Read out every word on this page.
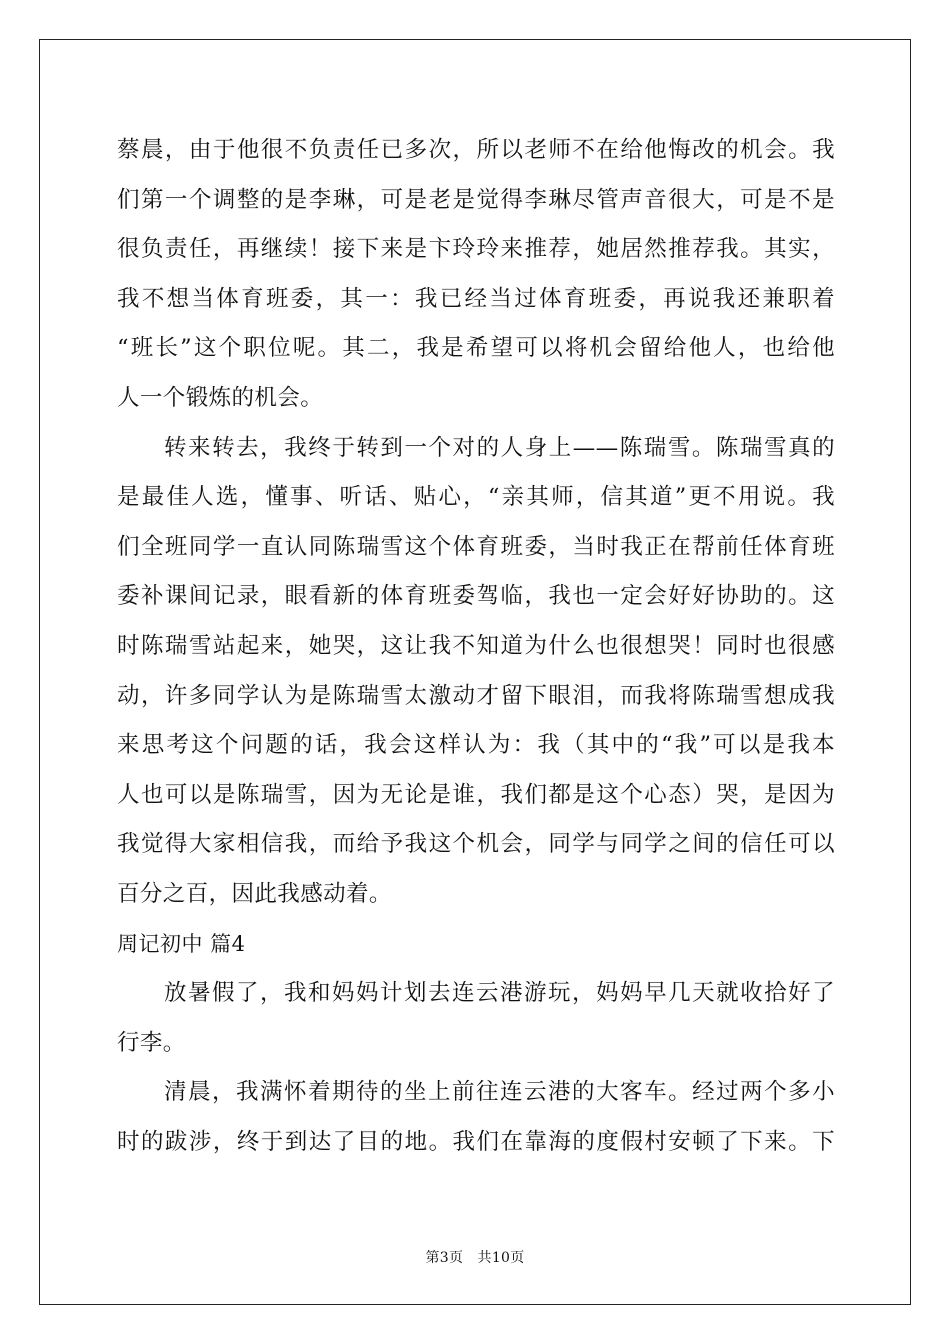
蔡晨，由于他很不负责任已多次，所以老师不在给他悔改的机会。我
们第一个调整的是李琳，可是老是觉得李琳尽管声音很大，可是不是
很负责任，再继续！接下来是卞玲玲来推荐，她居然推荐我。其实，
我不想当体育班委，其一：我已经当过体育班委，再说我还兼职着
“班长”这个职位呢。其二，我是希望可以将机会留给他人，也给他
人一个锻炼的机会。
转来转去，我终于转到一个对的人身上——陈瑞雪。陈瑞雪真的
是最佳人选，懂事、听话、贴心，“亲其师，信其道”更不用说。我
们全班同学一直认同陈瑞雪这个体育班委，当时我正在帮前任体育班
委补课间记录，眼看新的体育班委驾临，我也一定会好好协助的。这
时陈瑞雪站起来，她哭，这让我不知道为什么也很想哭！同时也很感
动，许多同学认为是陈瑞雪太激动才留下眼泪，而我将陈瑞雪想成我
来思考这个问题的话，我会这样认为：我（其中的“我”可以是我本
人也可以是陈瑞雪，因为无论是谁，我们都是这个心态）哭，是因为
我觉得大家相信我，而给予我这个机会，同学与同学之间的信任可以
百分之百，因此我感动着。
周记初中 篇4
放暑假了，我和妈妈计划去连云港游玩，妈妈早几天就收拾好了
行李。
清晨，我满怀着期待的坐上前往连云港的大客车。经过两个多小
时的跋涉，终于到达了目的地。我们在靠海的度假村安顿了下来。下
第3页 共10页
